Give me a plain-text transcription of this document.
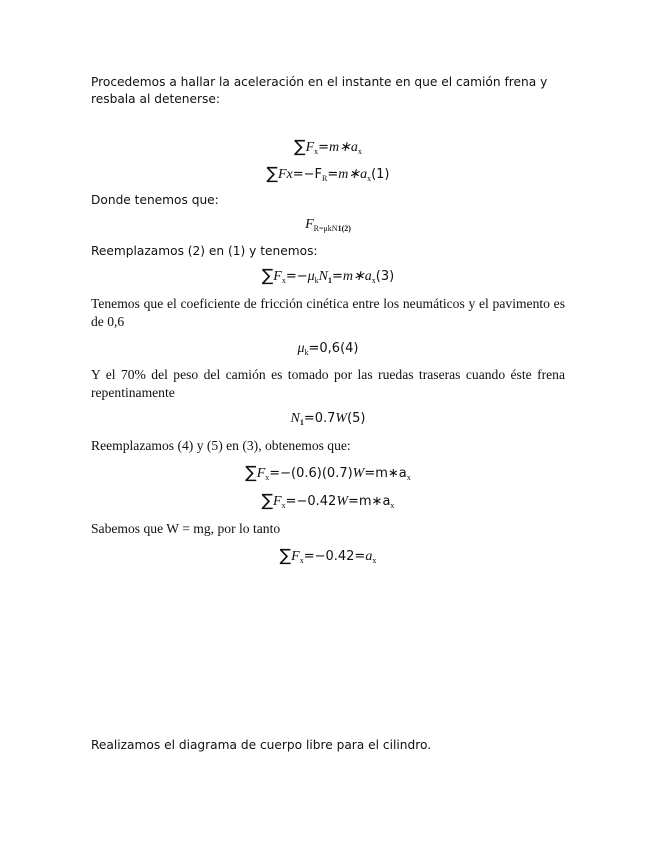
Procedemos a hallar la aceleración en el instante en que el camión frena y resbala al detenerse:
$\sum F_x=m∗a_x$
$\sum Fx=-F_R=m∗a_x(1)$
Donde tenemos que:
$F_{R=\mu kN1(2)}$
Reemplazamos (2) en (1) y tenemos:
$\sum F_x=-\mu_kN_1=m∗a_x(3)$
Tenemos que el coeficiente de fricción cinética entre los neumáticos y el pavimento es de 0,6
$\mu_k=0,6(4)$
Y el 70% del peso del camión es tomado por las ruedas traseras cuando éste frena repentinamente
$N_1=0.7W(5)$
Reemplazamos (4) y (5) en (3), obtenemos que:
$\sum F_x=-(0.6)(0.7)W=m∗a_x$
$\sum F_x=-0.42W=m∗a_x$
Sabemos que W = mg, por lo tanto
$\sum F_x=-0.42=a_x$
Realizamos el diagrama de cuerpo libre para el cilindro.
